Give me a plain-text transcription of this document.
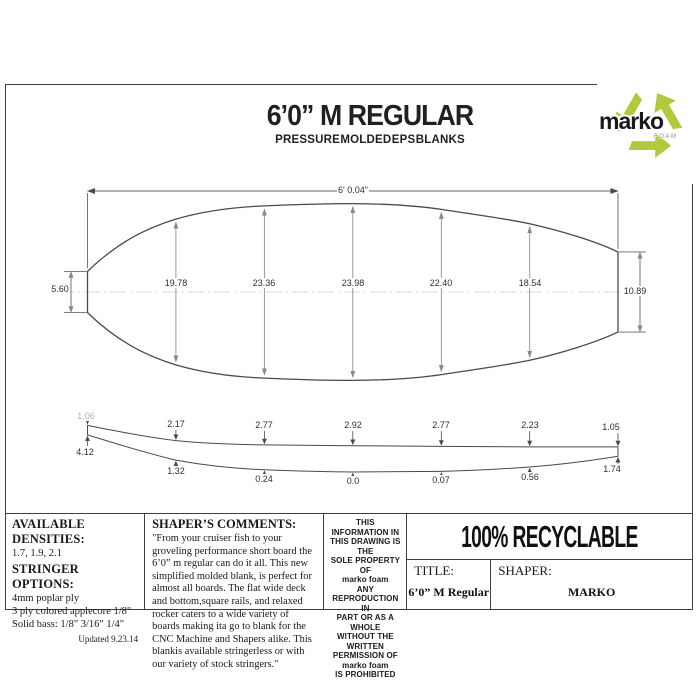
6’0” M REGULAR
PRESSURE MOLDED EPS BLANKS
marko
FOAM
6' 0.04"
5.60	10.89
19.78	23.36	23.98	22.40	18.54
1.06
2.17	2.77	2.92	2.77	2.23	1.05
4.12
1.32
0.24	0.0	0.07	0.56
1.74
AVAILABLE DENSITIES:
1.7, 1.9, 2.1
STRINGER OPTIONS:
4mm poplar ply
3 ply colored applecore 1/8"
Solid bass: 1/8" 3/16" 1/4"
Updated 9.23.14
SHAPER’S COMMENTS:
"From your cruiser fish to your groveling performance short board the 6’0” m regular can do it all. This new simplified molded blank, is perfect for almost all boards. The flat wide deck and bottom,square rails, and relaxed rocker caters to a wide variety of boards making ita go to blank for the CNC Machine and Shapers alike. This blankis available stringerless or with our variety of stock stringers."
THIS INFORMATION IN
THIS DRAWING IS THE
SOLE PROPERTY OF
marko foam
ANY REPRODUCTION IN
PART OR AS A WHOLE
WITHOUT THE WRITTEN
PERMISSION OF
marko foam
IS PROHIBITED
100% RECYCLABLE
TITLE:
6’0” M Regular
SHAPER:
MARKO
